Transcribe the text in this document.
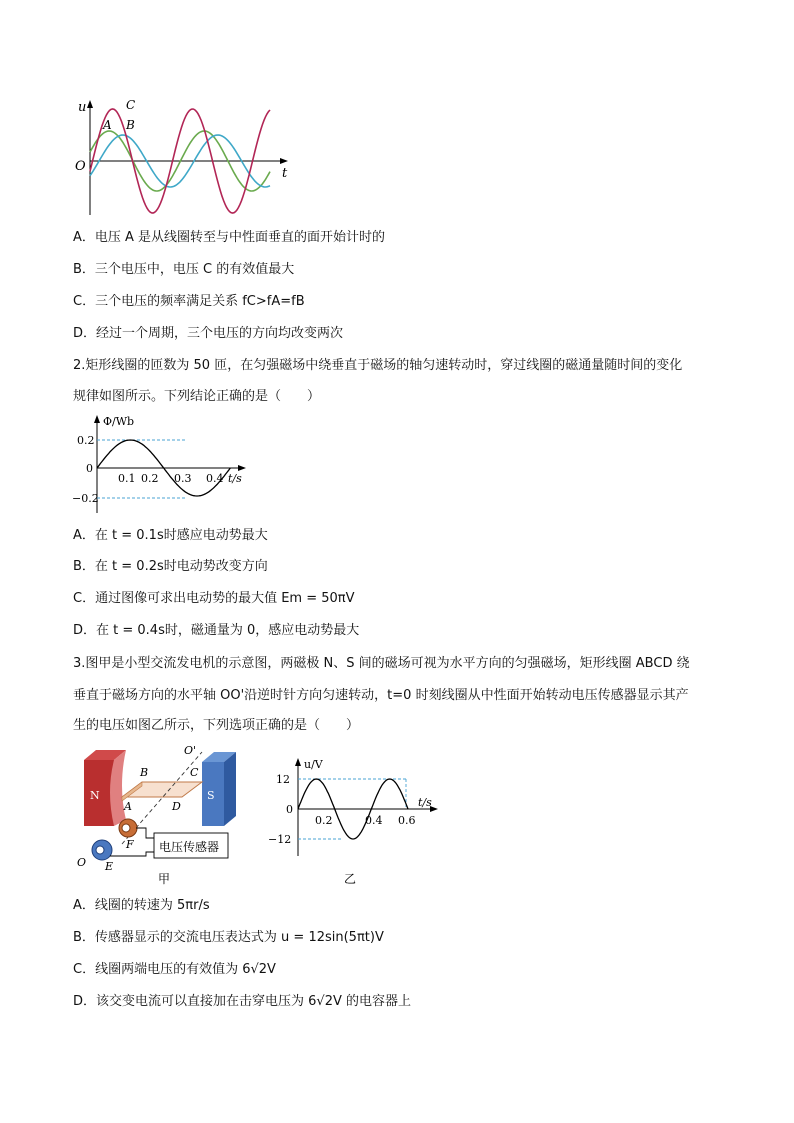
u
t
O
A B
C
A．电压 A 是从线圈转至与中性面垂直的面开始计时的
B．三个电压中，电压 C 的有效值最大
C．三个电压的频率满足关系 fC>fA=fB
D．经过一个周期，三个电压的方向均改变两次
2.矩形线圈的匝数为 50 匝，在匀强磁场中绕垂直于磁场的轴匀速转动时，穿过线圈的磁通量随时间的变化
规律如图所示。下列结论正确的是（　　）
Φ/Wb
t/s
0
0.2
−0.2
0.1 0.2 0.3 0.4
A．在 t = 0.1s时感应电动势最大
B．在 t = 0.2s时电动势改变方向
C．通过图像可求出电动势的最大值 Em = 50πV
D．在 t = 0.4s时，磁通量为 0，感应电动势最大
3.图甲是小型交流发电机的示意图，两磁极 N、S 间的磁场可视为水平方向的匀强磁场，矩形线圈 ABCD 绕
垂直于磁场方向的水平轴 OO'沿逆时针方向匀速转动，t=0 时刻线圈从中性面开始转动电压传感器显示其产
生的电压如图乙所示，下列选项正确的是（　　）
N	S
O'
B	C
A	D
O
F
E
电压传感器
甲
u/V
t/s
0
12
−12
0.2	0.4 0.6
乙
A．线圈的转速为 5πr/s
B．传感器显示的交流电压表达式为 u = 12sin(5πt)V
C．线圈两端电压的有效值为 6√2V
D．该交变电流可以直接加在击穿电压为 6√2V 的电容器上
